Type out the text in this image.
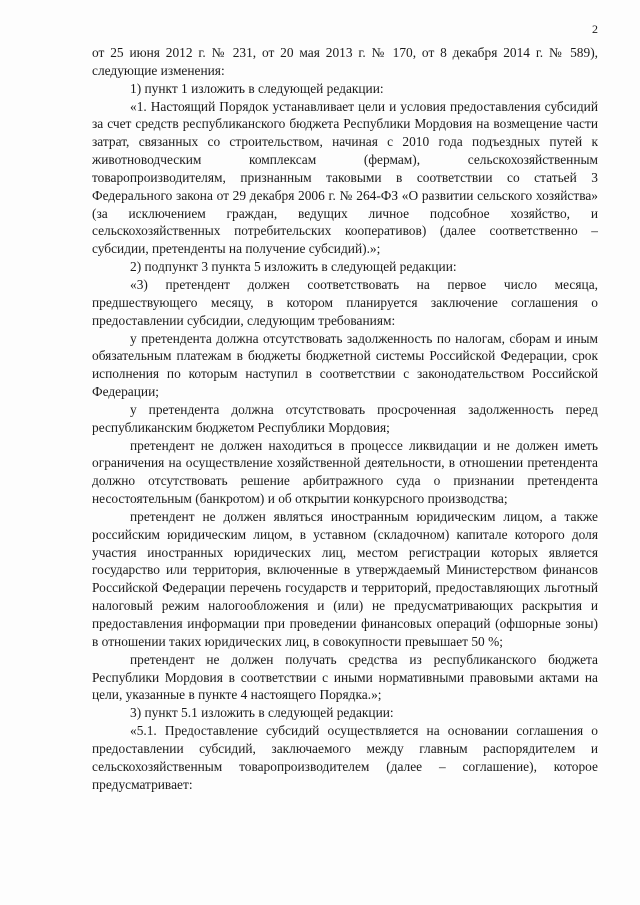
2

от 25 июня 2012 г. № 231, от 20 мая 2013 г. № 170, от 8 декабря 2014 г. № 589), следующие изменения:

1) пункт 1 изложить в следующей редакции:

«1. Настоящий Порядок устанавливает цели и условия предоставления субсидий за счет средств республиканского бюджета Республики Мордовия на возмещение части затрат, связанных со строительством, начиная с 2010 года подъездных путей к животноводческим комплексам (фермам), сельскохозяйственным товаропроизводителям, признанным таковыми в соответствии со статьей 3 Федерального закона от 29 декабря 2006 г. № 264-ФЗ «О развитии сельского хозяйства» (за исключением граждан, ведущих личное подсобное хозяйство, и сельскохозяйственных потребительских кооперативов) (далее соответственно – субсидии, претенденты на получение субсидий).»;

2) подпункт 3 пункта 5 изложить в следующей редакции:

«3) претендент должен соответствовать на первое число месяца, предшествующего месяцу, в котором планируется заключение соглашения о предоставлении субсидии, следующим требованиям:

у претендента должна отсутствовать задолженность по налогам, сборам и иным обязательным платежам в бюджеты бюджетной системы Российской Федерации, срок исполнения по которым наступил в соответствии с законодательством Российской Федерации;

у претендента должна отсутствовать просроченная задолженность перед республиканским бюджетом Республики Мордовия;

претендент не должен находиться в процессе ликвидации и не должен иметь ограничения на осуществление хозяйственной деятельности, в отношении претендента должно отсутствовать решение арбитражного суда о признании претендента несостоятельным (банкротом) и об открытии конкурсного производства;

претендент не должен являться иностранным юридическим лицом, а также российским юридическим лицом, в уставном (складочном) капитале которого доля участия иностранных юридических лиц, местом регистрации которых является государство или территория, включенные в утверждаемый Министерством финансов Российской Федерации перечень государств и территорий, предоставляющих льготный налоговый режим налогообложения и (или) не предусматривающих раскрытия и предоставления информации при проведении финансовых операций (офшорные зоны) в отношении таких юридических лиц, в совокупности превышает 50 %;

претендент не должен получать средства из республиканского бюджета Республики Мордовия в соответствии с иными нормативными правовыми актами на цели, указанные в пункте 4 настоящего Порядка.»;

3) пункт 5.1 изложить в следующей редакции:

«5.1. Предоставление субсидий осуществляется на основании соглашения о предоставлении субсидий, заключаемого между главным распорядителем и сельскохозяйственным товаропроизводителем (далее – соглашение), которое предусматривает:
